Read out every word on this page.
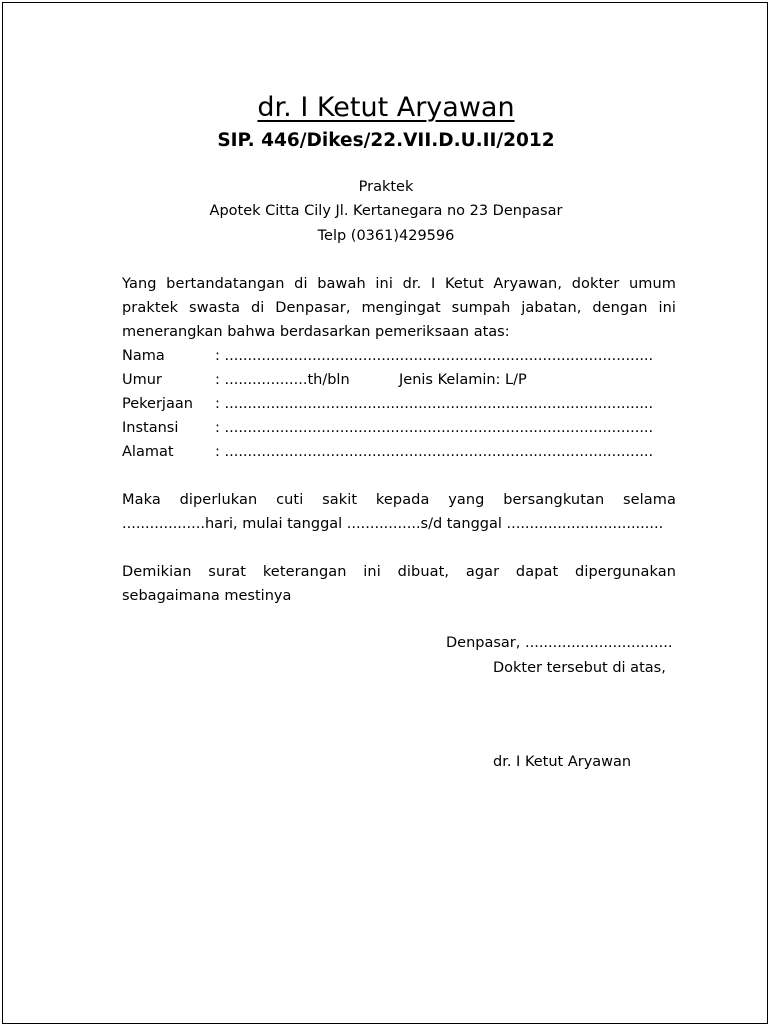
dr. I Ketut Aryawan
SIP. 446/Dikes/22.VII.D.U.II/2012
Praktek
Apotek Citta Cily Jl. Kertanegara no 23 Denpasar
Telp (0361)429596
Yang bertandatangan di bawah ini dr. I Ketut Aryawan, dokter umum
praktek swasta di Denpasar, mengingat sumpah jabatan, dengan ini
menerangkan bahwa berdasarkan pemeriksaan atas:
Nama	: .............................................................................................
Umur	: ..................th/bln	Jenis Kelamin: L/P
Pekerjaan : .............................................................................................
Instansi	: .............................................................................................
Alamat	: .............................................................................................
Maka diperlukan cuti sakit kepada yang bersangkutan selama
..................hari, mulai tanggal ................s/d tanggal ..................................
Demikian surat keterangan ini dibuat, agar dapat dipergunakan
sebagaimana mestinya
Denpasar, ................................
Dokter tersebut di atas,
dr. I Ketut Aryawan
